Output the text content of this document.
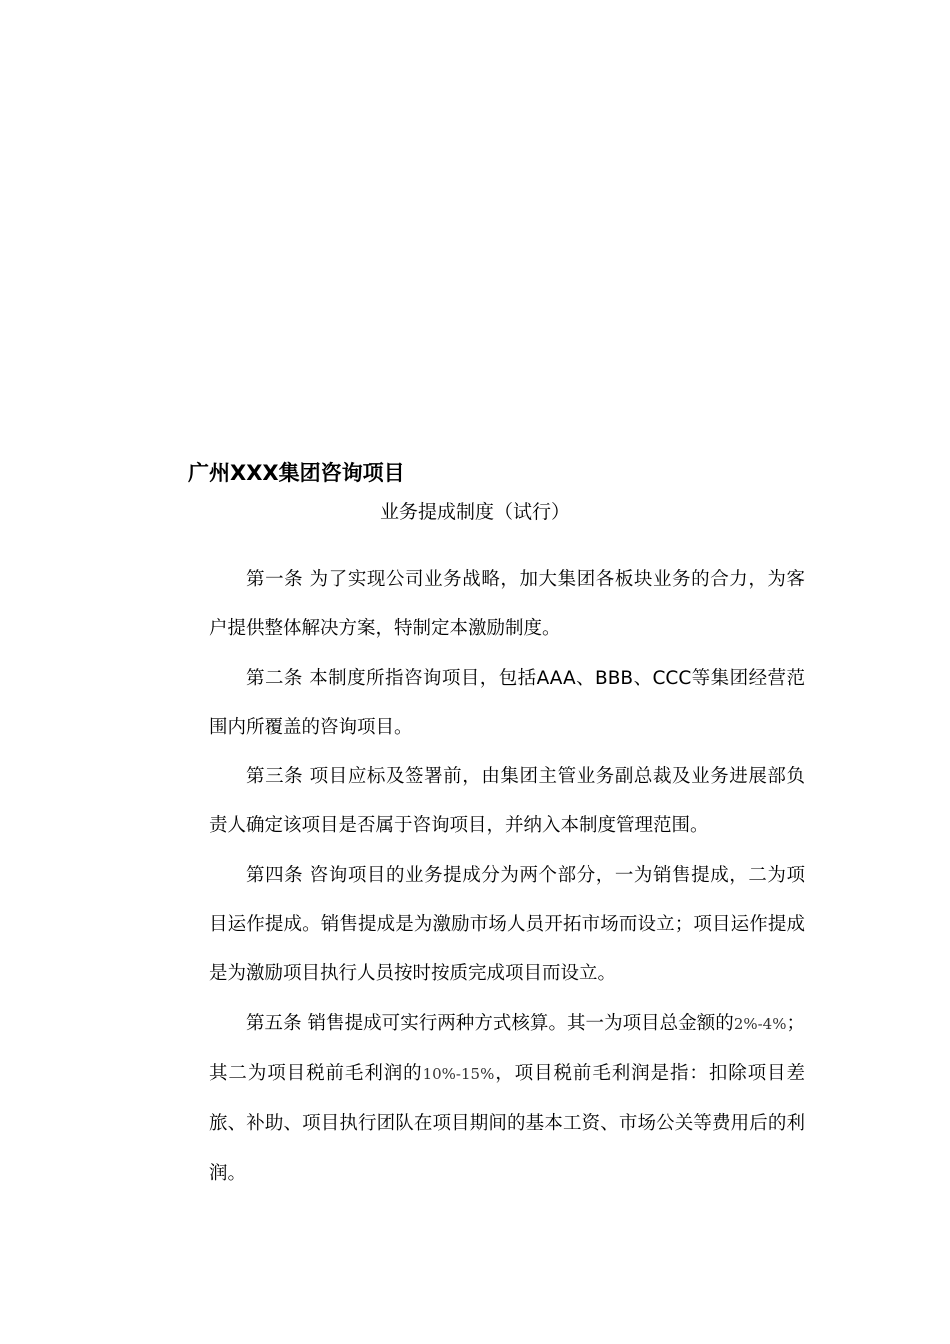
广州XXX集团咨询项目
业务提成制度（试行）

第一条 为了实现公司业务战略，加大集团各板块业务的合力，为客户提供整体解决方案，特制定本激励制度。

第二条 本制度所指咨询项目，包括AAA、BBB、CCC等集团经营范围内所覆盖的咨询项目。

第三条 项目应标及签署前，由集团主管业务副总裁及业务进展部负责人确定该项目是否属于咨询项目，并纳入本制度管理范围。

第四条 咨询项目的业务提成分为两个部分，一为销售提成，二为项目运作提成。销售提成是为激励市场人员开拓市场而设立；项目运作提成是为激励项目执行人员按时按质完成项目而设立。

第五条 销售提成可实行两种方式核算。其一为项目总金额的2%-4%；其二为项目税前毛利润的10%-15%，项目税前毛利润是指：扣除项目差旅、补助、项目执行团队在项目期间的基本工资、市场公关等费用后的利润。
